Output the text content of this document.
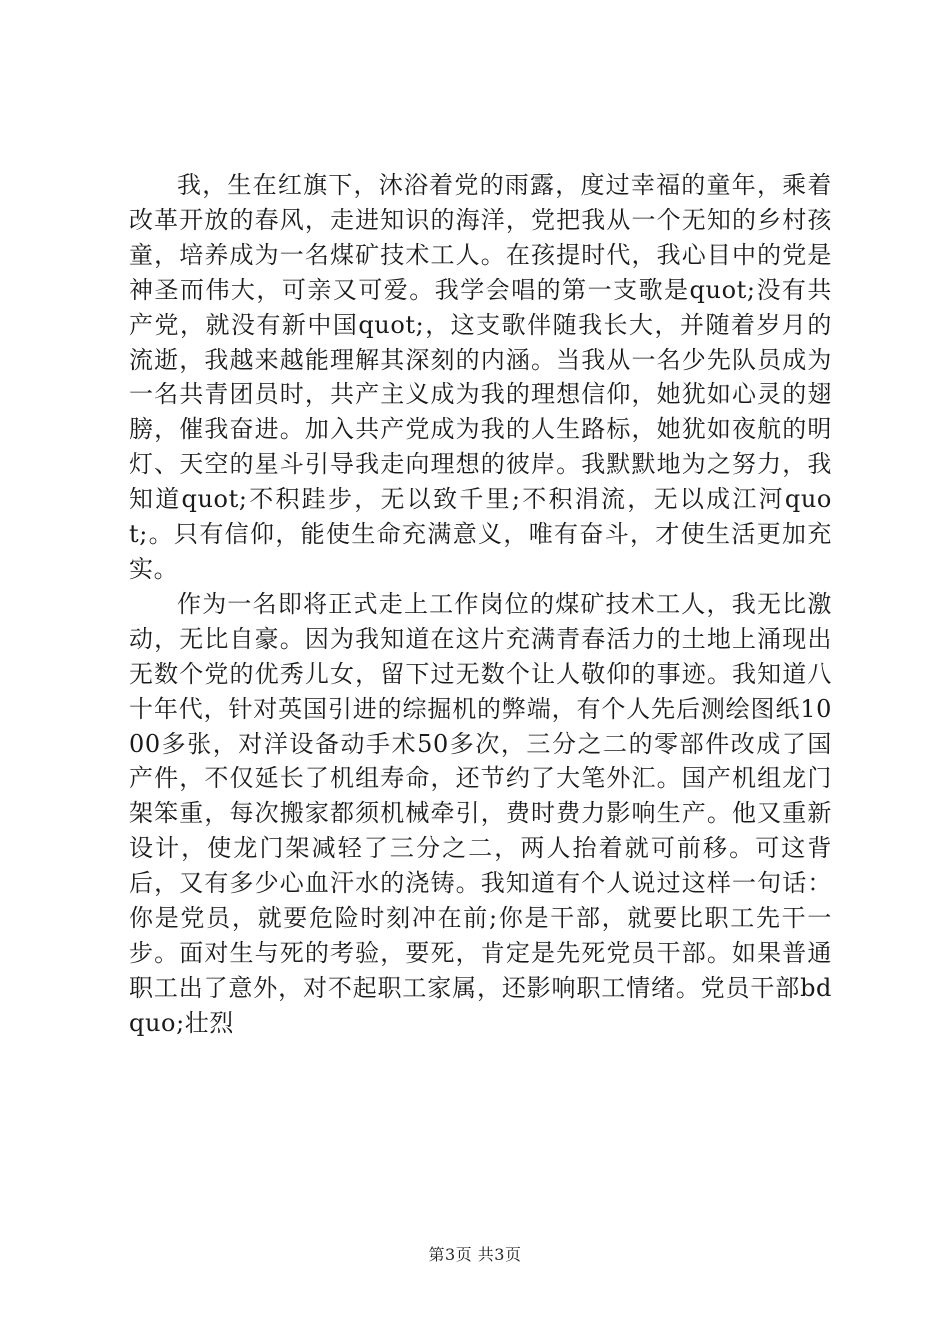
我，生在红旗下，沐浴着党的雨露，度过幸福的童年，乘着改革开放的春风，走进知识的海洋，党把我从一个无知的乡村孩童，培养成为一名煤矿技术工人。在孩提时代，我心目中的党是神圣而伟大，可亲又可爱。我学会唱的第一支歌是quot;没有共产党，就没有新中国quot;，这支歌伴随我长大，并随着岁月的流逝，我越来越能理解其深刻的内涵。当我从一名少先队员成为一名共青团员时，共产主义成为我的理想信仰，她犹如心灵的翅膀，催我奋进。加入共产党成为我的人生路标，她犹如夜航的明灯、天空的星斗引导我走向理想的彼岸。我默默地为之努力，我知道quot;不积跬步，无以致千里;不积涓流，无以成江河quot;。只有信仰，能使生命充满意义，唯有奋斗，才使生活更加充实。

作为一名即将正式走上工作岗位的煤矿技术工人，我无比激动，无比自豪。因为我知道在这片充满青春活力的土地上涌现出无数个党的优秀儿女，留下过无数个让人敬仰的事迹。我知道八十年代，针对英国引进的综掘机的弊端，有个人先后测绘图纸1000多张，对洋设备动手术50多次，三分之二的零部件改成了国产件，不仅延长了机组寿命，还节约了大笔外汇。国产机组龙门架笨重，每次搬家都须机械牵引，费时费力影响生产。他又重新设计，使龙门架减轻了三分之二，两人抬着就可前移。可这背后，又有多少心血汗水的浇铸。我知道有个人说过这样一句话：你是党员，就要危险时刻冲在前;你是干部，就要比职工先干一步。面对生与死的考验，要死，肯定是先死党员干部。如果普通职工出了意外，对不起职工家属，还影响职工情绪。党员干部bdquo;壮烈

第3页 共3页
